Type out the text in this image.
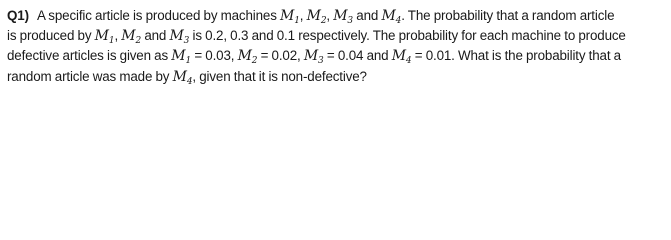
Q1) A specific article is produced by machines $M_1$, $M_2$, $M_3$ and $M_4$. The probability that a random article
is produced by $M_1$, $M_2$ and $M_3$ is 0.2, 0.3 and 0.1 respectively. The probability for each machine to produce
defective articles is given as $M_1 = 0.03$, $M_2 = 0.02$, $M_3 = 0.04$ and $M_4 = 0.01$. What is the probability that a
random article was made by $M_4$, given that it is non-defective?
